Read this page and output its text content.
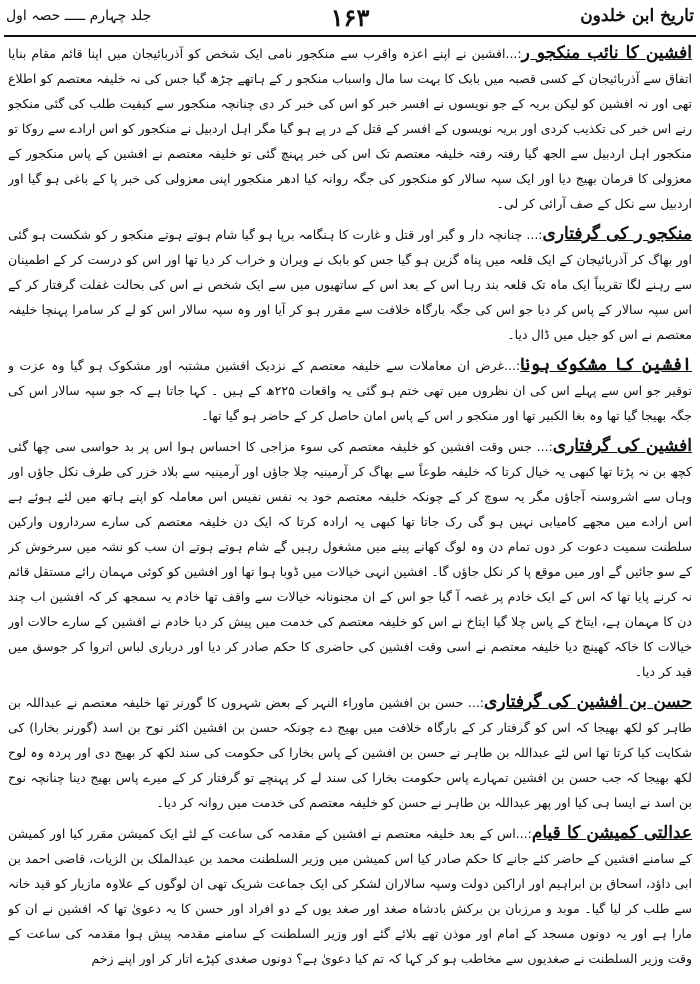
تاریخ ابن خلدون
۱۶۳
جلد چہارم ـــــ حصہ اول

افشین کا نائب منکجو ر:...افشین نے اپنے اعزہ واقرب سے منکجور نامی ایک شخص کو آذربائیجان میں اپنا قائم مقام بنایا اتفاق سے آذربائیجان کے کسی قصبہ میں بابک کا بہت سا مال واسباب منکجو ر کے ہاتھے چڑھ گیا جس کی نہ خلیفہ معتصم کو اطلاع تھی اور نہ افشین کو لیکن بریہ کے جو نویسوں نے افسر خبر کو اس کی خبر کر دی چنانچہ منکجور سے کیفیت طلب کی گئی منکجو رنے اس خبر کی تکذیب کردی اور بریہ نویسوں کے افسر کے قتل کے در پے ہو گیا مگر اہل اردبیل نے منکجور کو اس ارادے سے روکا تو منکجور اہل اردبیل سے الجھ گیا رفتہ رفتہ خلیفہ معتصم تک اس کی خبر پہنچ گئی تو خلیفہ معتصم نے افشین کے پاس منکجور کے معزولی کا فرمان بھیج دیا اور ایک سپہ سالار کو منکجور کی جگہ روانہ کیا ادھر منکجور اپنی معزولی کی خبر پا کے باغی ہو گیا اور اردبیل سے نکل کے صف آرائی کر لی۔

منکجو ر کی گرفتاری:... چنانچہ دار و گیر اور قتل و غارت کا ہنگامہ برپا ہو گیا شام ہوتے ہوتے منکجو ر کو شکست ہو گئی اور بھاگ کر آذربائیجان کے ایک قلعہ میں پناہ گزین ہو گیا جس کو بابک نے ویران و خراب کر دیا تھا اور اس کو درست کر کے اطمینان سے رہنے لگا تقریباً ایک ماہ تک قلعہ بند رہا اس کے بعد اس کے ساتھیوں میں سے ایک شخص نے اس کی بحالت غفلت گرفتار کر کے اس سپہ سالار کے پاس کر دیا جو اس کی جگہ بارگاہ خلافت سے مقرر ہو کر آیا اور وہ سپہ سالار اس کو لے کر سامرا پہنچا خلیفہ معتصم نے اس کو جیل میں ڈال دیا۔

افشین کا مشکوک ہونا:...غرض ان معاملات سے خلیفہ معتصم کے نزدیک افشین مشتبہ اور مشکوک ہو گیا وہ عزت و توقیر جو اس سے پہلے اس کی ان نظروں میں تھی ختم ہو گئی یہ واقعات ۲۲۵ھ کے ہیں ۔ کہا جاتا ہے کہ جو سپہ سالار اس کی جگہ بھیجا گیا تھا وہ بغا الکبیر تھا اور منکجو ر اس کے پاس امان حاصل کر کے حاضر ہو گیا تھا۔

افشین کی گرفتاری:... جس وقت افشین کو خلیفہ معتصم کی سوء مزاجی کا احساس ہوا اس پر بد حواسی سی چھا گئی کچھ بن نہ پڑتا تھا کبھی یہ خیال کرتا کہ خلیفہ طوعاً سے بھاگ کر آرمینیہ چلا جاؤں اور آرمینیہ سے بلاد خزر کی طرف نکل جاؤں اور وہاں سے اشروسنہ آجاؤں مگر یہ سوچ کر کے چونکہ خلیفہ معتصم خود بہ نفس نفیس اس معاملہ کو اپنے ہاتھ میں لئے ہوئے ہے اس ارادے میں مجھے کامیابی نہیں ہو گی رک جاتا تھا کبھی یہ ارادہ کرتا کہ ایک دن خلیفہ معتصم کی سارے سرداروں وارکین سلطنت سمیت دعوت کر دوں تمام دن وہ لوگ کھانے پینے میں مشغول رہیں گے شام ہوتے ہوتے ان سب کو نشہ میں سرخوش کر کے سو جائیں گے اور میں موقع پا کر نکل جاؤں گا۔ افشین انہی خیالات میں ڈوبا ہوا تھا اور افشین کو کوئی مہمان رائے مستقل قائم نہ کرنے پایا تھا کہ اس کے ایک خادم پر غصہ آ گیا جو اس کے ان مجنونانہ خیالات سے واقف تھا خادم یہ سمجھ کر کہ افشین اب چند دن کا مہمان ہے، ایتاخ کے پاس چلا گیا ایتاخ نے اس کو خلیفہ معتصم کی خدمت میں پیش کر دیا خادم نے افشین کے سارے حالات اور خیالات کا خاکہ کھینچ دیا خلیفہ معتصم نے اسی وقت افشین کی حاضری کا حکم صادر کر دیا اور درباری لباس اتروا کر جوسق میں قید کر دیا۔

حسن بن افشین کی گرفتاری:... حسن بن افشین ماوراء النہر کے بعض شہروں کا گورنر تھا خلیفہ معتصم نے عبداللہ بن طاہر کو لکھ بھیجا کہ اس کو گرفتار کر کے بارگاہ خلافت میں بھیج دے چونکہ حسن بن افشین اکثر نوح بن اسد (گورنر بخارا) کی شکایت کیا کرتا تھا اس لئے عبداللہ بن طاہر نے حسن بن افشین کے پاس بخارا کی حکومت کی سند لکھ کر بھیج دی اور پردہ وہ لوح لکھ بھیجا کہ جب حسن بن افشین تمہارے پاس حکومت بخارا کی سند لے کر پہنچے تو گرفتار کر کے میرے پاس بھیج دینا چنانچہ نوح بن اسد نے ایسا ہی کیا اور پھر عبداللہ بن طاہر نے حسن کو خلیفہ معتصم کی خدمت میں روانہ کر دیا۔

عدالتی کمیشن کا قیام:...اس کے بعد خلیفہ معتصم نے افشین کے مقدمہ کی ساعت کے لئے ایک کمیشن مقرر کیا اور کمیشن کے سامنے افشین کے حاضر کئے جانے کا حکم صادر کیا اس کمیشن میں وزیر السلطنت محمد بن عبدالملک بن الزیات، قاضی احمد بن ابی داؤد، اسحاق بن ابراہیم اور اراکین دولت وسپہ سالاران لشکر کی ایک جماعت شریک تھی ان لوگوں کے علاوہ مازیار کو قید خانہ سے طلب کر لیا گیا۔ موبد و مرزبان بن برکش بادشاہ صغد اور صغد یوں کے دو افراد اور حسن کا یہ دعویٰ تھا کہ افشین نے ان کو مارا ہے اور یہ دونوں مسجد کے امام اور موذن تھے بلائے گئے اور وزیر السلطنت کے سامنے مقدمہ پیش ہوا مقدمہ کی ساعت کے وقت وزیر السلطنت نے صغدیوں سے مخاطب ہو کر کہا کہ تم کیا دعویٰ ہے؟ دونوں صغدی کپڑے اتار کر اور اپنے زخم
